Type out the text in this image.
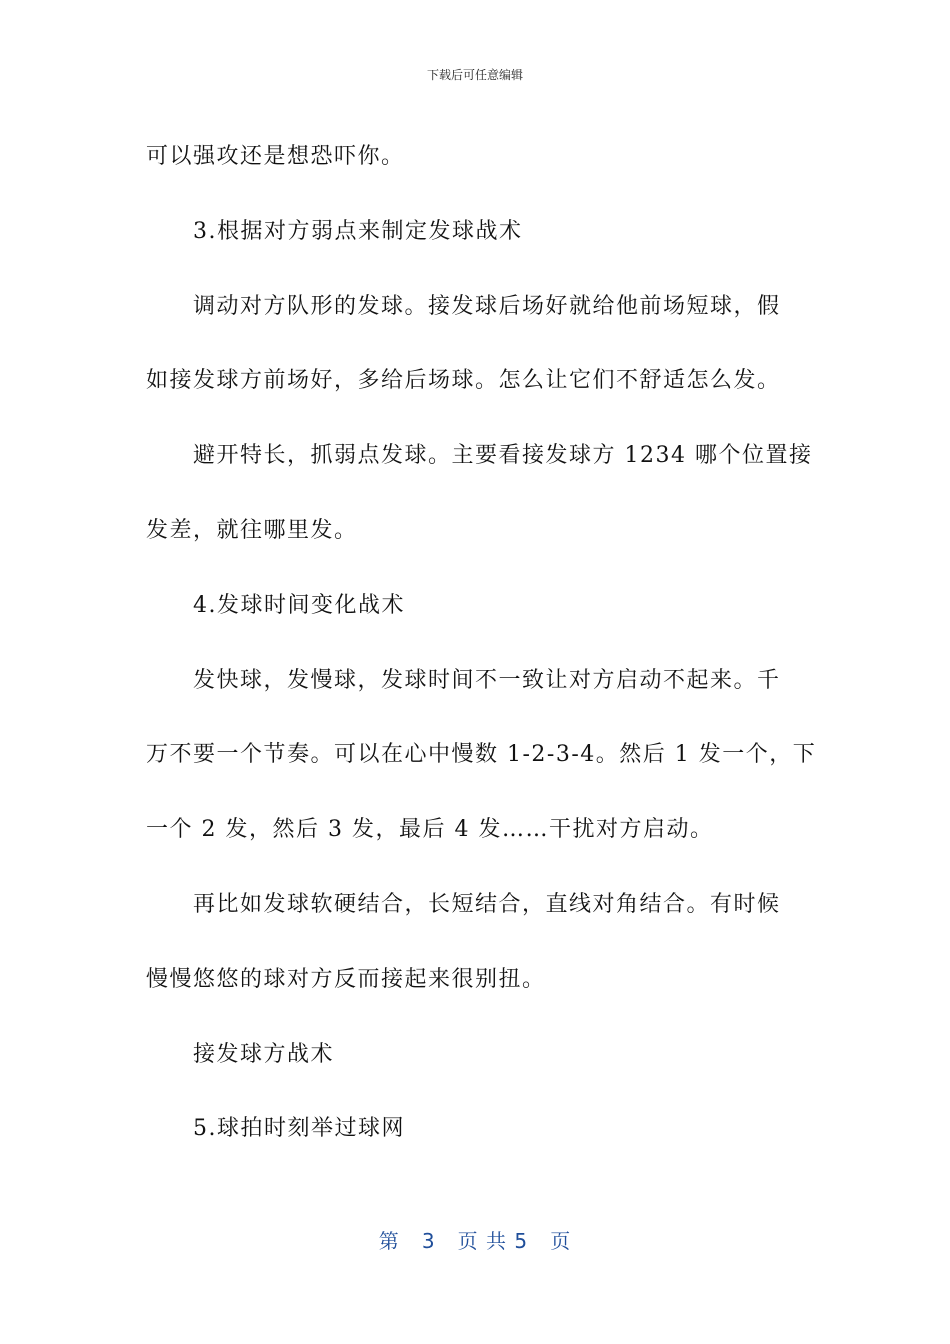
下载后可任意编辑

可以强攻还是想恐吓你。

3.根据对方弱点来制定发球战术

调动对方队形的发球。接发球后场好就给他前场短球，假

如接发球方前场好，多给后场球。怎么让它们不舒适怎么发。

避开特长，抓弱点发球。主要看接发球方 1234 哪个位置接

发差，就往哪里发。

4.发球时间变化战术

发快球，发慢球，发球时间不一致让对方启动不起来。千

万不要一个节奏。可以在心中慢数 1-2-3-4。然后 1 发一个，下

一个 2 发，然后 3 发，最后 4 发……干扰对方启动。

再比如发球软硬结合，长短结合，直线对角结合。有时候

慢慢悠悠的球对方反而接起来很别扭。

接发球方战术

5.球拍时刻举过球网

第 3 页 共 5 页
